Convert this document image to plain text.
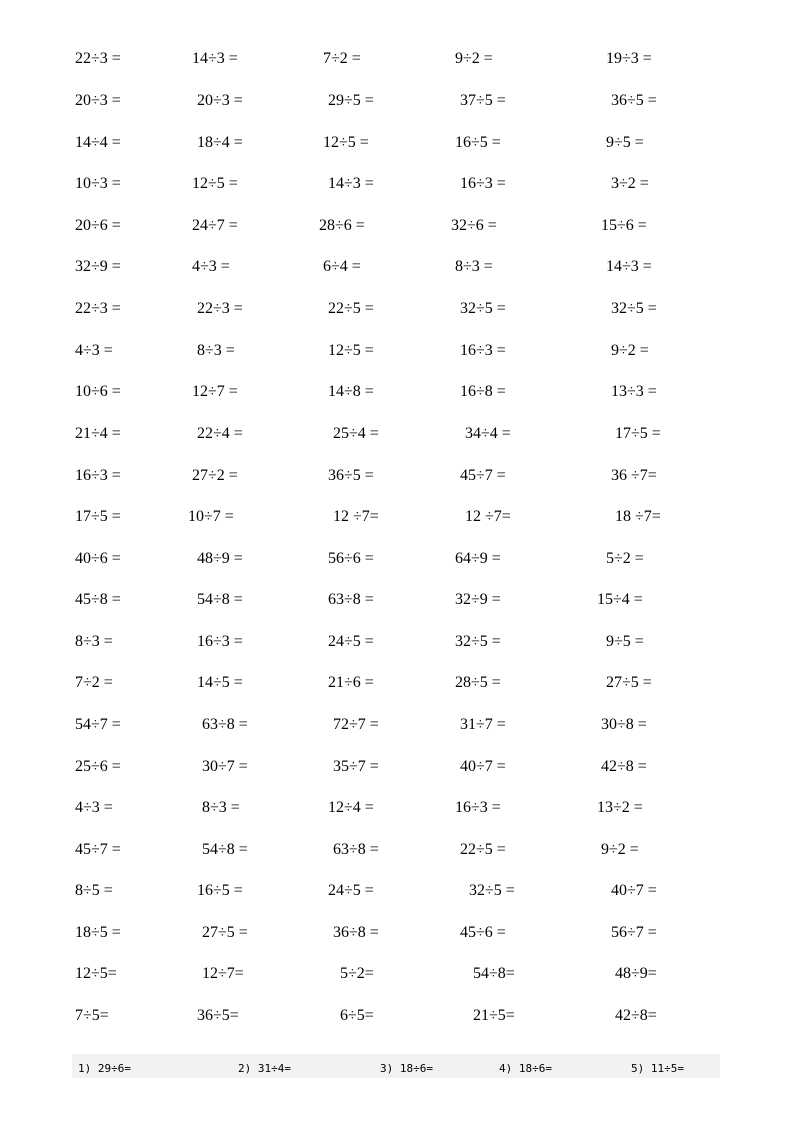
22÷3 =	14÷3 =	7÷2 =	9÷2 =	19÷3 =
20÷3 =	20÷3 =	29÷5 =	37÷5 =	36÷5 =
14÷4 =	18÷4 =	12÷5 =	16÷5 =	9÷5 =
10÷3 =	12÷5 =	14÷3 =	16÷3 =	3÷2 =
20÷6 =	24÷7 =	28÷6 =	32÷6 =	15÷6 =
32÷9 =	4÷3 =	6÷4 =	8÷3 =	14÷3 =
22÷3 =	22÷3 =	22÷5 =	32÷5 =	32÷5 =
4÷3 =	8÷3 =	12÷5 =	16÷3 =	9÷2 =
10÷6 =	12÷7 =	14÷8 =	16÷8 =	13÷3 =
21÷4 =	22÷4 =	25÷4 =	34÷4 =	17÷5 =
16÷3 =	27÷2 =	36÷5 =	45÷7 =	36 ÷7=
17÷5 =	10÷7 =	12 ÷7=	12 ÷7=	18 ÷7=
40÷6 =	48÷9 =	56÷6 =	64÷9 =	5÷2 =
45÷8 =	54÷8 =	63÷8 =	32÷9 =	15÷4 =
8÷3 =	16÷3 =	24÷5 =	32÷5 =	9÷5 =
7÷2 =	14÷5 =	21÷6 =	28÷5 =	27÷5 =
54÷7 =	63÷8 =	72÷7 =	31÷7 =	30÷8 =
25÷6 =	30÷7 =	35÷7 =	40÷7 =	42÷8 =
4÷3 =	8÷3 =	12÷4 =	16÷3 =	13÷2 =
45÷7 =	54÷8 =	63÷8 =	22÷5 =	9÷2 =
8÷5 =	16÷5 =	24÷5 =	32÷5 =	40÷7 =
18÷5 =	27÷5 =	36÷8 =	45÷6 =	56÷7 =
12÷5=	12÷7=	5÷2=	54÷8=	48÷9=
7÷5=	36÷5=	6÷5=	21÷5=	42÷8=
1) 29÷6=	2) 31÷4=	3) 18÷6=	4) 18÷6=	5) 11÷5=
